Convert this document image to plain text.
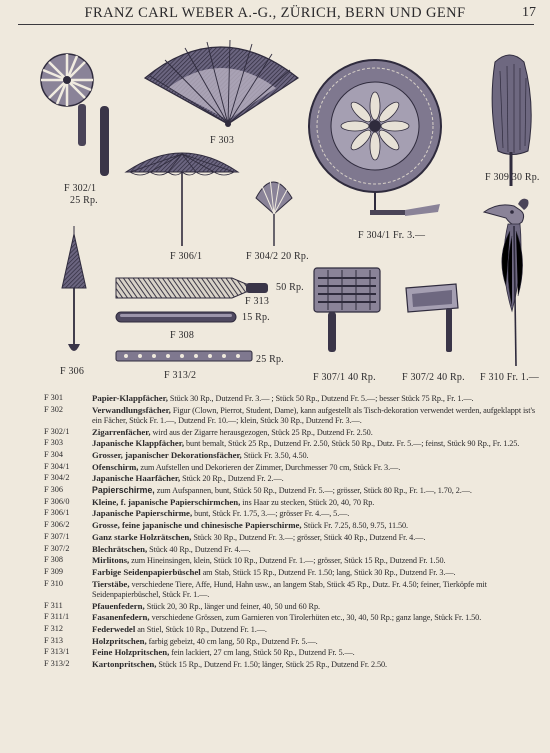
FRANZ CARL WEBER A.-G., ZÜRICH, BERN UND GENF	17
F 302/1
25 Rp.
F 303
F 304/1 Fr. 3.—
F 309 30 Rp.
F 306/1	F 304/2 20 Rp.
50 Rp.
F 313
15 Rp.
F 308
25 Rp.
F 313/2
F 306
F 307/1 40 Rp.	F 307/2 40 Rp. F 310 Fr. 1.—
F 301	Papier-Klappfächer, Stück 30 Rp., Dutzend Fr. 3.— ; Stück 50 Rp., Dutzend Fr. 5.—; besser Stück 75 Rp., Fr. 1.—.
F 302	Verwandlungsfächer, Figur (Clown, Pierrot, Student, Dame), kann aufgestellt als Tisch-dekoration verwendet werden, aufgeklappt ist's ein Fächer, Stück Fr. 1.—, Dutzend Fr. 10.—; klein, Stück 30 Rp., Dutzend Fr. 3.—.
F 302/1	Zigarrenfächer, wird aus der Zigarre herausgezogen, Stück 25 Rp., Dutzend Fr. 2.50.
F 303	Japanische Klappfächer, bunt bemalt, Stück 25 Rp., Dutzend Fr. 2.50, Stück 50 Rp., Dutz. Fr. 5.—; feinst, Stück 90 Rp., Fr. 1.25.
F 304	Grosser, japanischer Dekorationsfächer, Stück Fr. 3.50, 4.50.
F 304/1	Ofenschirm, zum Aufstellen und Dekorieren der Zimmer, Durchmesser 70 cm, Stück Fr. 3.—.
F 304/2	Japanische Haarfächer, Stück 20 Rp., Dutzend Fr. 2.—.
F 306	Papierschirme, zum Aufspannen, bunt, Stück 50 Rp., Dutzend Fr. 5.—; grösser, Stück 80 Rp., Fr. 1.—, 1.70, 2.—.
F 306/0	Kleine, f. japanische Papierschirmchen, ins Haar zu stecken, Stück 20, 40, 70 Rp.
F 306/1	Japanische Papierschirme, bunt, Stück Fr. 1.75, 3.—; grösser Fr. 4.—, 5.—.
F 306/2	Grosse, feine japanische und chinesische Papierschirme, Stück Fr. 7.25, 8.50, 9.75, 11.50.
F 307/1	Ganz starke Holzrätschen, Stück 30 Rp., Dutzend Fr. 3.—; grösser, Stück 40 Rp., Dutzend Fr. 4.—.
F 307/2	Blechrätschen, Stück 40 Rp., Dutzend Fr. 4.—.
F 308	Mirlitons, zum Hineinsingen, klein, Stück 10 Rp., Dutzend Fr. 1.—; grösser, Stück 15 Rp., Dutzend Fr. 1.50.
F 309	Farbige Seidenpapierbüschel am Stab, Stück 15 Rp., Dutzend Fr. 1.50; lang, Stück 30 Rp., Dutzend Fr. 3.—.
F 310	Tierstäbe, verschiedene Tiere, Affe, Hund, Hahn usw., an langem Stab, Stück 45 Rp., Dutz. Fr. 4.50; feiner, Tierköpfe mit Seidenpapierbüschel, Stück Fr. 1.—.
F 311	Pfauenfedern, Stück 20, 30 Rp., länger und feiner, 40, 50 und 60 Rp.
F 311/1	Fasanenfedern, verschiedene Grössen, zum Garnieren von Tirolerhüten etc., 30, 40, 50 Rp.; ganz lange, Stück Fr. 1.50.
F 312	Federwedel an Stiel, Stück 10 Rp., Dutzend Fr. 1.—.
F 313	Holzpritschen, farbig gebeizt, 40 cm lang, 50 Rp., Dutzend Fr. 5.—.
F 313/1	Feine Holzpritschen, fein lackiert, 27 cm lang, Stück 50 Rp., Dutzend Fr. 5.—.
F 313/2	Kartonpritschen, Stück 15 Rp., Dutzend Fr. 1.50; länger, Stück 25 Rp., Dutzend Fr. 2.50.
